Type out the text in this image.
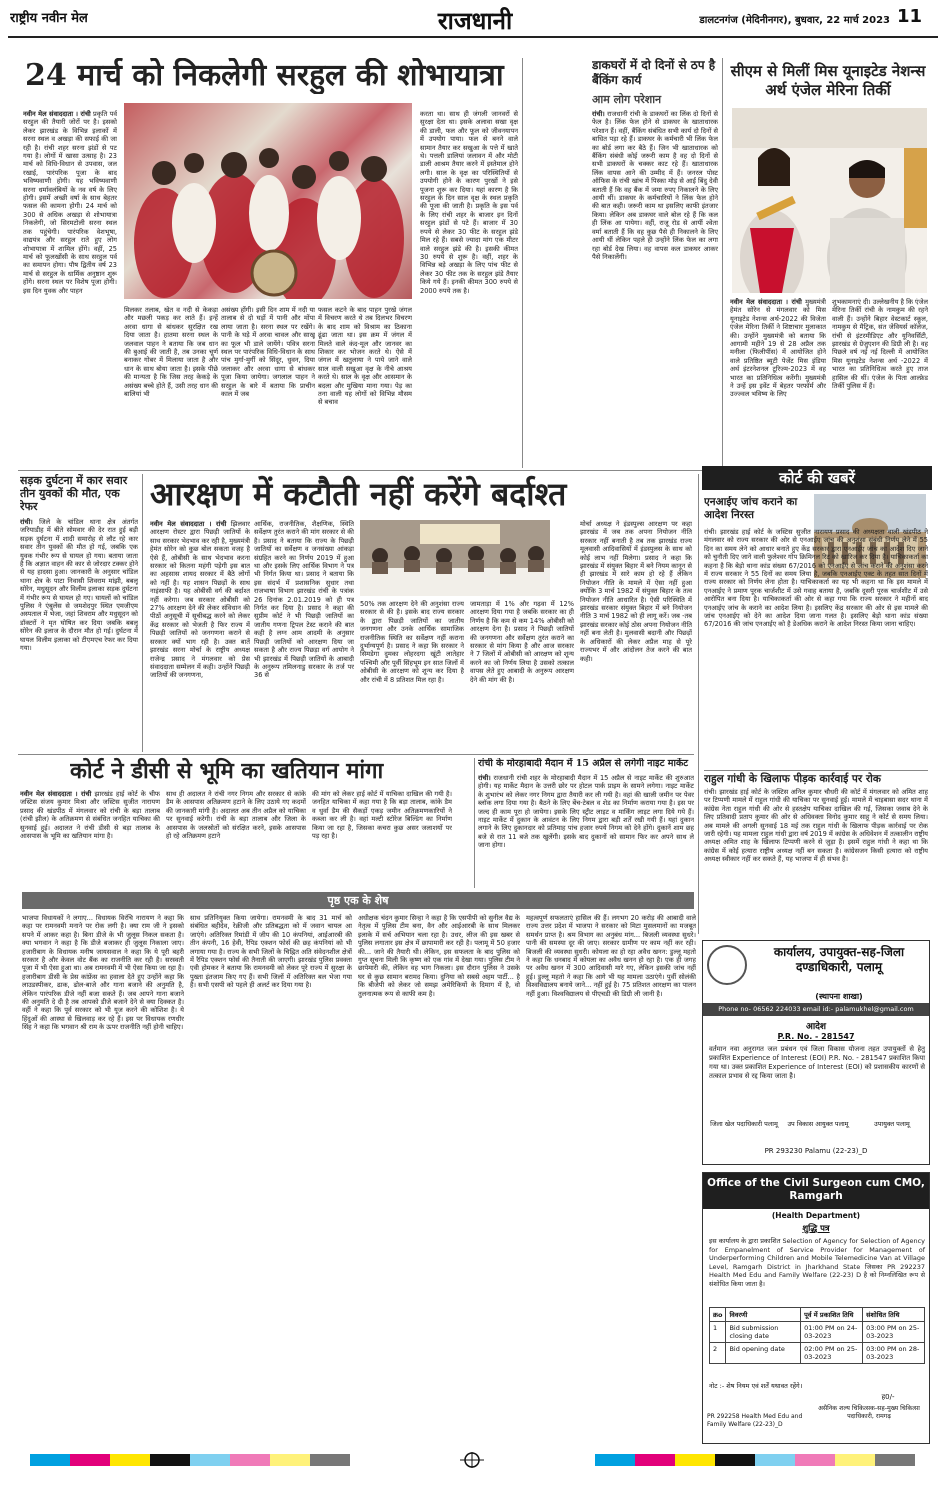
राष्ट्रीय नवीन मेल	राजधानी	डालटनगंज (मेदिनीनगर), बुधवार, 22 मार्च 2023 11
24 मार्च को निकलेगी सरहुल की शोभायात्रा
नवीन मेल संवाददाता । रांची प्रकृति पर्व सरहुल की तैयारी जोरों पर है। इसको लेकर झारखंड के विभिन्न इलाकों में सरना स्थल व अखड़ा की सफाई की जा रही है। रांची शहर सरना झंडों से पट गया है। लोगों में खासा उत्साह है। 23 मार्च को विधि-विधान से उपवास, जल रखाई, पारंपरिक पूजा के बाद भविष्यवाणी होगी। यह भविष्यवाणी सरना धर्मावलंबियों के नव वर्ष के लिए होगी। इसमें अच्छी वर्षा के साथ बेहतर फसल की कामना होगी। 24 मार्च को 300 से अधिक अखड़ा से शोभायात्रा निकलेगी, जो सिरमटोली सरना स्थल तक पहुंचेगी। पारंपरिक वेशभूषा, वाद्ययंत्र और सरहुल राते हुए लोग शोभायात्रा में शामिल होंगे। वहीं, 25 मार्च को फूलखोंसी के साथ सरहुल पर्व का समापन होगा। पौष द्वितीय वर्ष 23 मार्च से सरहुल के धार्मिक अनुष्ठान शुरू होंगे। सरना स्थल पर विशेष पूजा होगी। इस दिन युवक और पाहन
मिलकर तलाब, खेत व नदी से केकड़ा और मछली पकड़ कर लाते हैं। इन्हें अरवा धागा से बांधकर सुरक्षित रख दिया जाता है। हातमा सरना स्थल के जलवाल पाहन ने बताया कि जब धान की बुआई की जाती है, तब उनका चूर्ण बनाकर गोबर में मिलाया जाता है और धान के साथ बोया जाता है। इसके पीछे की मान्यता है कि जिस तरह केकड़े के असंख्य बच्चे होते हैं, उसी तरह धान की बालियां भी
असंख्य होंगी। इसी दिन शाम में नदी या तालाब से दो घड़ों में पानी और मोंपा लाया जाता है। सरना स्थल पर रखेंगे। पानी के घड़े में अरवा चावल और साखू का फूल भी डाले जायेंगे। पवित्र सरना स्थल पर पारंपरिक विधि-विधान के साथ पांच मुर्गा-मुर्गी को सिंदूर, धुवन, दिया जलाकर और अरवा धागा से बांधकर पूजा किया जायेगा। जगलाल पाहन ने सरहुल के बारे में बताया कि प्राचीन काल में जब
फसल कटने के बाद पाहन पुरखे जंगल में विचरण करते थे तब दिलभर विचरण के बाद शाम को विश्राम का ठिकाना ढूंढा जाता था। इस क्रम में जंगल में मिलते वाले कंद-मूल और जानवर का शिकार कर भोजन करते थे। ऐसे में जंगल में खतुलाया ने पाये जाने वाले साल वाली सखुआ वृक्ष के नीचे आश्रय करते थे। साल के वृक्ष और आसमान के बदला और मुखिया माना गया। पेड़ का तना वाली यह लोगों को विभिन्न मौसम से बचाव
करता था। साथ ही जंगली जानवरों से सुरक्षा देता था। इसके अलावा सखा वृक्ष की डाली, फल और फूल को जीवनयापन में उपयोग पाया। फल से बनने वाले सामान तैयार कर सखुआ के पत्ते में खाते थे। पत्तली डालियां जलावन में और मोटी डाली आश्रम तैयार करने में इस्तेमाल होने लगी। साल के वृक्ष का परिस्थितियों से उपयोगी होने के कारण पुरखों ने इसे पूजना शुरू कर दिया। यहां कारण है कि सरहुल के दिन साल वृक्ष के स्थल प्रकृति की पूजा की जाती है। प्रकृति के इस पर्व के लिए रांची शहर के बाजार इन दिनों सरहुल झंडों से पटे हैं। बाजार में 30 रुपये से लेकर 30 फीट के सरहुल झंडे मिल रहे हैं। सबसे ज्यादा मांग एक मीटर वाले सरहुल झंडे की है। इसकी कीमत 30 रुपये से शुरू है। वहीं, शहर के विभिन्न बड़े अखड़ा के लिए पांच फीट से लेकर 30 फीट तक के सरहुल झंडे तैयार किये गये हैं। इनकी कीमत 300 रुपये से 2000 रुपये तक है।
डाकघरों में दो दिनों से ठप है बैंकिंग कार्य
आम लोग परेशान
रांची। राजधानी रांची के डाकघरों का लिंक दो दिनों से फेल है। लिंक फेल होने से डाकघर के खाताधारक परेशान हैं। वहीं, बैंकिंग संबंधित सभी कार्य दो दिनों से बाधित पड़ा रहे हैं। डाकघर के कर्मचारी भी लिंक फेल का बोर्ड लगा कर बैठे हैं। जिन भी खाताधारक को बैंकिंग संबंधी कोई जरूरी काम है वह दो दिनों से सभी डाकघरों के चक्कर काट रहे हैं। खाताधारक लिंक वापस आने की उम्मीद में हैं। जनरल पोस्ट ऑफिस के रांची खांच में पिस्का मोड़ से आईं बिंदु देवी बताती हैं कि वह बैंक में जमा रुपए निकालने के लिए आयी थीं। डाकघर के कर्मचारियों ने लिंक फेल होने की बात कही। जरूरी काम था इसलिए काफी इंतजार किया। लेकिन अब डाकघर वाले बोल रहे हैं कि कल ही लिंक आ पायेगा। वहीं, राजू रोड से आयीं श्वेता वर्मा बताती हैं कि वह कुछ पैसे ही निकालने के लिए आयी थीं लेकिन पहले ही उन्होंने लिंक फेल का लगा रहा बोर्ड देख लिया। वह वापस कल डाकघर आकर पैसे निकालेंगी।
सीएम से मिलीं मिस यूनाइटेड नेशन्स अर्थ एंजेल मेरिना तिर्की
नवीन मेल संवाददाता । रांची मुख्यमंत्री हेमंत सोरेन से मंगलवार को मिस यूनाइटेड नेशन्स अर्थ-2022 की विजेता एंजेल मेरिना तिर्की ने शिष्टाचार मुलाकात की। उन्होंने मुख्यमंत्री को बताया कि आगामी महीने 19 से 28 अप्रैल तक मनीला (फिलीपींस) में आयोजित होने वाले प्रतिष्ठित ब्यूटी पेजेंट मिस इंडिया अर्थ इंटरनेशनल टूरिज्म-2023 में वह भारत का प्रतिनिधित्व करेंगी। मुख्यमंत्री ने उन्हें इस इवेंट में बेहतर परफॉर्म और उज्ज्वल भविष्य के लिए
शुभकामनाएं दी। उल्लेखनीय है कि एंजेल मेरिना तिर्की रांची के नामकुम की रहने वाली हैं। उन्होंने बिहार वेस्टकार्ट स्कूल, नामकुम से मैट्रिक, संत जेवियर्स कॉलेज, रांची से इंटरमीडिएट और यूनिवर्सिटी, झारखंड से ग्रेजुएशन की डिग्री ली है। वह पिछले वर्ष नई नई दिल्ली में आयोजित मिस यूनाइटेड नेशन्स अर्थ -2022 में भारत का प्रतिनिधित्व करते हुए ताज हासिल की थीं। एंजेल के पिता आल्फ्रेड तिर्की पुलिस में हैं।
सड़क दुर्घटना में कार सवार तीन युवकों की मौत, एक रेफर
रांची। जिले के चांडिल थाना क्षेत्र अंतर्गत जरियाडीह में बीते सोमवार की देर रात हुई बड़ी सड़क दुर्घटना में शादी समारोह से लौट रहे कार सवार तीन युवकों की मौत हो गई, जबकि एक युवक गंभीर रूप से घायल हो गया। बताया जाता है कि अज्ञात वाहन की कार से जोरदार टक्कर होने से यह हादसा हुआ। जानकारी के अनुसार चांडिल थाना क्षेत्र के पाटा निवासी शिवराम मांझी, बबलू सोरेन, मधुसूदन और विलीम इलाका सड़क दुर्घटना में गंभीर रूप से घायल हो गए। घायलों को चांडिल पुलिस ने एंबुलेंस से जमशेदपुर स्थित एमजीएम अस्पताल में भेजा, जहां शिवराम और मधुसूदन को डॉक्टरों ने मृत घोषित कर दिया जबकि बबलू सोरेन की इलाज के दौरान मौत हो गई। दुर्घटना में घायल विलीम इलाका को टीएमएच रेफर कर दिया गया।
आरक्षण में कटौती नहीं करेंगे बर्दाश्त
नवीन मेल संवाददाता । रांची झिलवार आरक्षण रोस्टर द्वारा पिछड़ी जातियों के साथ सरकार भेदभाव कर रही है, मुख्यमंत्री हेमंत सोरेन को कुछ बोल सकता वजह है ऐसे हैं, ओबीसी के साथ भेदभाव करना सरकार को कितना महंगी पड़ेगी इस बात का अहसास शायद सरकार में बैठे लोगों को नहीं है। यह शासन पिछड़ों के साथ नाइंसाफी है। यह ओबीसी वर्ग की बर्दाश्त नहीं करेगा। जब सरकार ओबीसी को 27% आरक्षण देने की लेकर संविधान की पीठों अनुसूची में सूचीबद्ध करने को लेकर केंद्र सरकार को भेजती है फिर राज्य में पिछड़ी जातियों को जनगणना कराने से सरकार क्यों भाग रही है। उक्त बातें झारखंड सरना मोर्चा के राष्ट्रीय अध्यक्ष राजेन्द्र प्रसाद ने मंगलवार को प्रेस संवाददाता सम्मेलन में कही। उन्होंने पिछड़ी जातियों की जनगणना,
आर्थिक, राजनीतिक, शैक्षणिक, स्थिति सर्वेक्षण तुरंत कराने की मांग सरकार से की है। प्रसाद ने बताया कि राज्य के पिछड़ी जातियों का सर्वेक्षण व जनसंख्या आंकड़ा संग्रहित करने का निर्णय 2019 में हुआ था और इसके लिए आर्थिक विभाग ने पत्र भी निर्गत किया था। प्रसाद ने बताया कि इस संदर्भ में प्रशासनिक सुधार तथा राजभाषा विभाग झारखंड रांची के पत्रांक 26 दिनांक 2.01.2019 को ही पत्र निर्गत कर दिया है। प्रसाद ने कहा की सुप्रीम कोर्ट ने भी पिछड़ी जातियों का जातीय गणना ट्रिपल टेस्ट कराने की बात कही है लग्न आम आदमी के अनुसार पिछड़ी जातियों को आरक्षण दिया जा सकता है और राज्य पिछड़ा वर्ग आयोग ने भी झारखंड में पिछड़ी जातियों के आबादी के अनुरूप तमिलनाडु सरकार के तर्ज पर 36 से
50% तक आरक्षण देने की अनुशंसा राज्य सरकार से की है। इसके बाद राज्य सरकार के द्वारा पिछड़ी जातियों का जातीय जनगणना और उनके आर्थिक सामाजिक राजनीतिक स्थिति का सर्वेक्षण नहीं कराना दुर्भाग्यपूर्ण है। प्रसाद ने कहा कि सरकार ने सिमडेगा दुमका लोहरदगा खूंटी लातेहार पश्चिमी और पूर्वी सिंहभूम इन सात जिलों में ओबीसी के आरक्षण को शून्य कर दिया है और रांची में 8 प्रतिशत मिल रहा है।
जामताड़ा में 1% और गढ़वा में 12% आरक्षण दिया गया है जबकि सरकार का ही निर्णय है कि कम से कम 14% ओबीसी को आरक्षण देना है। प्रसाद ने पिछड़ी जातियों की जनगणना और सर्वेक्षण तुरंत कराने का सरकार से मांग किया है और आज सरकार ने 7 जिलों में ओबीसी को आरक्षण को शून्य करने का जो निर्णय लिया है उसको तत्काल वापस लेते हुए आबादी के अनुरूप आरक्षण देने की मांग की है।
मोर्चा अध्यक्ष ने इंडस्पुल्स आरक्षण पर कहा झारखंड में जब तक अपना नियोजन नीति सरकार नहीं बनाती है तब तक झारखंड राज्य मूलवासी आदिवासियों में इंडस्पुलस के साथ को कोई लाभ नहीं मिलेगा। प्रसाद ने कहा कि झारखंड में संयुक्त बिहार में बने नियम कानून से ही झारखंड में सारे काम हो रहे हैं लेकिन नियोजन नीति के मामले में ऐसा नहीं हुआ क्योंकि 3 मार्च 1982 में संयुक्त बिहार के तत्व नियोजन नीति आधारित है। ऐसी परिस्थिति में झारखंड सरकार संयुक्त बिहार में बने नियोजन नीति 3 मार्च 1982 को ही लागू करें। जब -तब झारखंड सरकार कोई ठोस अपना नियोजन नीति नहीं बना लेती है। मुलवासी बदानी और पिछड़ों के अधिकारों की लेकर अप्रैल माह से पूरे राज्यभर में और आंदोलन तेज करने की बात कही।
कोर्ट की खबरें
एनआईए जांच कराने का आदेश निरस्त
रांची। झारखंड हाई कोर्ट के जस्टिस सुजीत नारायण प्रसाद की अध्यक्षता वाली खंडपीठ ने मंगलवार को राज्य सरकार की ओर से एनआईए जांच की अनुशंसा संबंधी निर्णय लेने में 55 दिन का समय लेने को आधार बनाते हुए केंद्र सरकार द्वारा एनआईए जांच का आदेश दिए जाने को चुनौती दिए जाने वाली फुलेश्वर गोप क्रिमिनल रिट को खारिज कर दिया है। याचिकाकर्ता का कहना है कि बेड़ो थाना कांड संख्या 67/2016 को एनआईए से जांच कराने की अनुशंसा करने में राज्य सरकार ने 55 दिनों का समय लिया है, जबकि एनआईए एक्ट के तहत सात दिनों में राज्य सरकार को निर्णय लेना होता है। याचिकाकर्ता का यह भी कहना था कि इस मामले में एनआईए ने प्रमाण पूरक चार्जशीट में उसे गवाह बताया है, जबकि दूसरी पूरक चार्जशीट में उसे आरोपित बना दिया है। याचिकाकर्ता की ओर से कहा गया कि राज्य सरकार ने महीनों बाद एनआईए जांच के कराने का आदेश लिया है। इसलिए केंद्र सरकार की ओर से इस मामले की जांच एनआईए को देने का आदेश दिया जाना गलत है। इसलिए बेड़ो थाना कांड संख्या 67/2016 की जांच एनआईए को है डेअधिक कराने के आदेश निरस्त किया जाना चाहिए।
राहुल गांधी के खिलाफ पीड़क कार्रवाई पर रोक
रांची। झारखंड हाई कोर्ट के जस्टिस अनिल कुमार चौधरी की कोर्ट में मंगलवार को अमित शाह पर टिप्पणी मामले में राहुल गांधी की याचिका पर सुनवाई हुई। मामले में चाइबासा सदर थाना में कांग्रेस नेता राहुल गांधी की ओर से हस्तक्षेप याचिका दाखिल की गई, जिसका जवाब देने के लिए प्रतिवादी प्रताप कुमार की ओर से अधिवक्ता विनोद कुमार साहू ने कोर्ट से समय लिया। अब मामले की अगली सुनवाई 18 मई तक राहुल गांधी के खिलाफ पीड़क कार्रवाई पर रोक जारी रहेगी। यह मामला राहुल गांधी द्वारा वर्ष 2019 में कांग्रेस के अधिवेशन में तत्कालीन राष्ट्रीय अध्यक्ष अमित शाह के खिलाफ टिप्पणी करने से जुड़ा है। इसमें राहुल गांधी ने कहा था कि कांग्रेस में कोई हत्यारा राष्ट्रीय अध्यक्ष नहीं बन सकता है। कांग्रेसजन किसी हत्यारा को राष्ट्रीय अध्यक्ष स्वीकार नहीं कर सकते हैं, यह भाजपा में ही संभव है।
कोर्ट ने डीसी से भूमि का खतियान मांगा
नवीन मेल संवाददाता । रांची झारखंड हाई कोर्ट के चीफ जस्टिस संजय कुमार मिश्रा और जस्टिस सुजीत नारायण प्रसाद की खंडपीठ में मंगलवार को रांची के बड़ा तालाब (रांची झील) के अतिक्रमण से संबंधित जनहित याचिका की सुनवाई हुई। अदालत ने रांची डीसी से बड़ा तालाब के आसपास के भूमि का खतियान मांगा है।
साथ ही अदालत ने रांची नगर निगम और सरकार से कांके डैम के आसपास अतिक्रमण हटाने के लिए उठाये गए कदमों की जानकारी मांगी है। अदालत अब तीन अप्रैल को याचिका पर सुनवाई करेगी। रांची के बड़ा तालाब और जिला के आसपास के जलस्रोतों को संरक्षित करने, इसके आसपास हो रहे अतिक्रमण हटाने
की मांग को लेकर हाई कोर्ट में याचिका दाखिल की गयी है। जनहित याचिका में कहा गया है कि बड़ा तालाब, कांके डैम व धुर्वा डैम की सैकड़ों एकड़ जमीन अतिक्रमणकारियों ने कब्जा कर ली है। वहां मल्टी स्टोरेज बिल्डिंग का निर्माण किया जा रहा है, जिसका कचरा कुछ असर जलाशयों पर पड़ रहा है।
रांची के मोरहाबादी मैदान में 15 अप्रैल से लगेगी नाइट मार्केट
रांची। राजधानी रांची शहर के मोरहाबादी मैदान में 15 अप्रैल से नाइट मार्केट की शुरुआत होगी। यह मार्केट मैदान के उत्तरी छोर पर होटल पार्क प्राइम के सामने लगेगा। नाइट मार्केट के शुभारंभ को लेकर नगर निगम द्वारा तैयारी कर ली गयी है। वहां की खाली जमीन पर पेवर ब्लॉक लगा दिया गया है। बैठने के लिए बेंच-टेबल व शेड का निर्माण कराया गया है। इस पर जल्द ही काम पूरा हो जायेगा। इसके लिए स्ट्रीट लाइट व मार्किंग लाइट लगा दिये गये हैं। नाइट मार्केट में दुकान के आवंटन के लिए निगम द्वारा बड़ी शर्तें रखी गयी हैं। यहां दुकान लगाने के लिए दुकानदार को प्रतिमाह पांच हजार रुपये निगम को देने होंगे। दुकानें शाम छह बजे से रात 11 बजे तक खुलेंगी। इसके बाद दुकानों को सामान फिर कर अपने साथ ले जाना होगा।
पृष्ठ एक के शेष
भाजपा विधायकों ने लगाए... विधायक विरंचि नारायण ने कहा कि कहा पर रामनवमी मनाने पर रोक लगी है। क्या राम जी ने इसको सपने में आकर कहा है। बिना डीजे के भी जुलूस निकल सकता है। क्या भगवान ने कहा है कि डीजे बजाकर ही जुलूस निकाला जाए। हजारीबाग के विधायक मनीष जायसवाल ने कहा कि ये पूरी बहरी सरकार है और केवल वोट बैंक का राजनीति कर रही है। सरस्वती पूजा में भी ऐसा हुआ था। अब रामनवमी में भी ऐसा किया जा रहा है। हजारीबाग डीसी के प्रेस कांफ्रेंस का हवाला देते हुए उन्होंने कहा कि लाउडस्पीकर, ढाक, ढोल-बाजे और गाना बजाने की अनुमति है, लेकिन पारंपरिक डीजे नहीं बजा सकते हैं। जब आपने गाना बजाने की अनुमति दे दी है तब आपको डीजे बजाने देने से क्या दिक्कत है। वहीं ने कहा कि पूर्व सरकार को भी यूज करने की कोशिश है। ये हिंदुओं की आस्था से खिलवाड़ कर रहे हैं। इस पर विधायक रणधीर सिंह ने कहा कि भगवान श्री राम के ऊपर राजनीति नहीं होनी चाहिए।
साथ प्रतिनियुक्त किया जायेगा। रामनवमी के बाद 31 मार्च को संबंधित बहीदेव, रेक्रीजी और प्रतिबद्धता को में जवान चायल आ जाएंगे। अतिरिक्त रिमांडी में जीप की 10 कंपनियां, आईआरबी की तीन कंपनी, 16 हेवी, रैपिड एक्शन फोर्स की छह कंपनियां को भी लगाया गया है। राज्य के सभी जिलों के चिह्नित अति संवेदनशील क्षेत्रों में रैपिड एक्शन फोर्स की तैनाती की जाएगी। झारखंड पुलिस प्रवक्ता एवी होमकर ने बताया कि रामनवमी को लेकर पूरे राज्य में सुरक्षा के पुख्ता इंतजाम किए गए हैं। सभी जिलों में अतिरिक्त बल भेजा गया है। सभी एसपी को पहले ही अलर्ट कर दिया गया है।
अधीक्षक चंदन कुमार सिन्हा ने कहा है कि एसपीपी को सुनील वैद्य के नेतृत्व में पुलिस टीम बना, वैन और आईआरबी के साथ मिलकर इलाके में सर्च अभियान चला रहा है। उधर, लीज की इस खबर से पुलिस लगातार इस क्षेत्र में छापामारी कर रही है। पलामू में 50 हजार की... जाने की तैयारी थी। लेकिन, इस सफलता के बाद पुलिस को गुप्त सूचना मिली कि कृष्ण को एक गांव में देखा गया। पुलिस टीम ने छापेमारी की, लेकिन वह भाग निकला। इस दौरान पुलिस ने उसके घर से कुछ सामान बरामद किया। दुनिया को सबसे अहम पार्टी... है कि बीजेपी को लेकर जो समझ अमेरिकियों के दिमाग में है, वो तुलनात्मक रूप से काफी कम है।
महत्वपूर्ण सफलताएं हासिल की हैं। लगभग 20 करोड़ की आबादी वाले राज्य उत्तर प्रदेश में भाजपा ने सरकार को मिटा मुसलमानों का मजबूत समर्थन प्राप्त है। श्रम विभाग का अनुबंध मांग... बिजली व्यवस्था सुधरे। पानी की समस्या दूर की जाए। सरकार ग्रामीण पर काम नहीं कर रही। बिजली की व्यवस्था सुधरी। कोयला का हो रहा अवैध खनन: डुल्लू महतो ने कहा कि धनबाद में कोयला का अवैध खनन हो रहा है। एक ही जगह पर अवैध खनन में 300 आदिवासी मारे गए, लेकिन इसकी जांच नहीं हुई। डुल्लू महतो ने कहा कि आगे भी यह मामला उठाएंगे। पुर्वी सोलंकी विश्वविद्यालय बनाये जाने... नहीं हुई है। 75 प्रतिशत आरक्षण का पालन नहीं हुआ। विश्वविद्यालय से पीएचडी की डिग्री ली जानी है।
कार्यालय, उपायुक्त-सह-जिला दण्डाधिकारी, पलामू
(स्थापना शाखा)
Phone no- 06562 224033 email id:- palamukhel@gmail.com
आदेश
P.R. No. - 281547
वर्तमान नवा अनुरागत जल प्रबंधन एवं जिला विकास योजना तहत उपायुक्तों से हेतु प्रकाशित Experience of Interest (EOI) P.R. No. - 281547 प्रकाशित किया गया था। उक्त प्रकाशित Experience of Interest (EOI) को प्रशासकीय कारणों से तत्काल प्रभाव से रद्द किया जाता है।
जिला खेल पदाधिकारी पलामू	उप विकास आयुक्त पलामू	उपायुक्त पलामू
PR 293230 Palamu (22-23)_D
Office of the Civil Surgeon cum CMO, Ramgarh
(Health Department)
शुद्धि पत्र
इस कार्यालय के द्वारा प्रकाशित Selection of Agency for Selection of Agency for Empanelment of Service Provider for Management of Underperforming Children and Mobile Telemedicine Van at Village Level, Ramgarh District in Jharkhand State जिसका PR 292237 Health Med Edu and Family Welfare (22-23) D है को निम्नलिखित रूप से संशोधित किया जाता है।
क्रo	विवरणी	पूर्व में प्रकाशित तिथि	संशोधित तिथि
1	Bid submission closing date	01:00 PM on 24-03-2023	03:00 PM on 25-03-2023
2	Bid opening date	02:00 PM on 25-03-2023	03:00 PM on 28-03-2023
नोट :- शेष नियम एवं शर्तें यथावत रहेंगे।
ह0/-
असैनिक शल्य चिकित्सक-सह-मुख्य चिकित्सा पदाधिकारी, रामगढ़
PR 292258 Health Med Edu and Family Welfare (22-23)_D
